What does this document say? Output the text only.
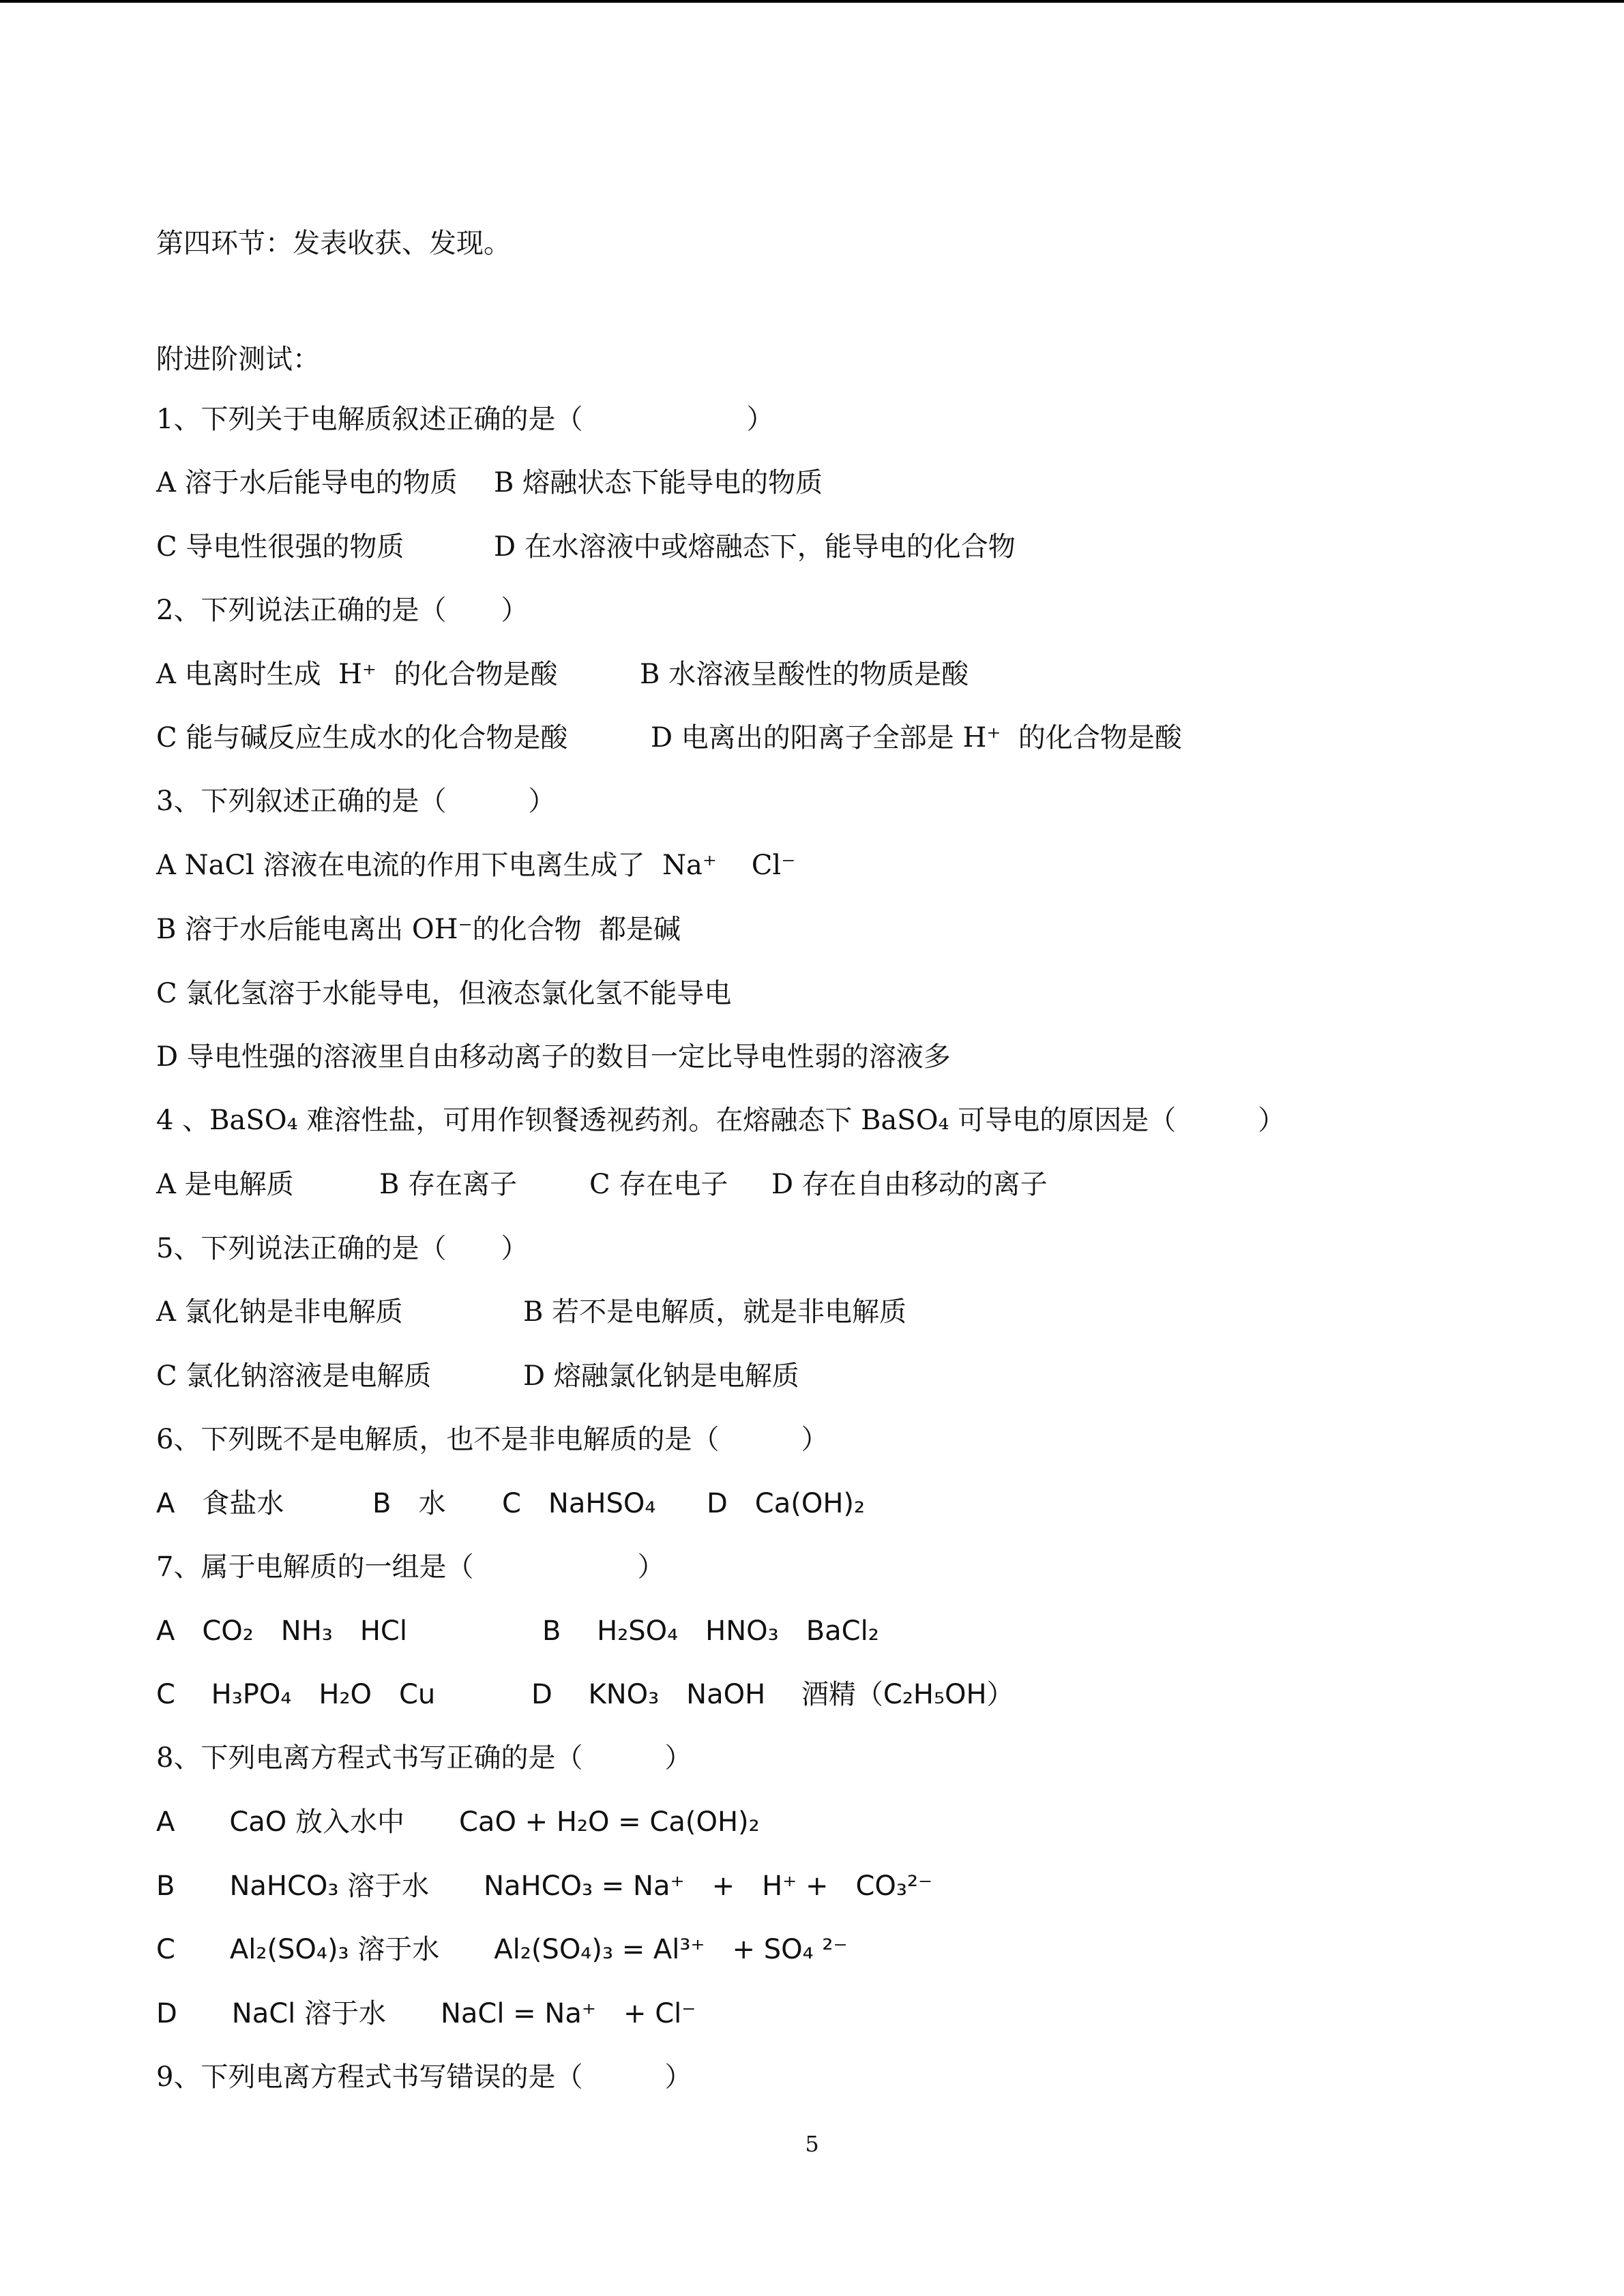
第四环节：发表收获、发现。

附进阶测试：

1、下列关于电解质叙述正确的是（　　　　　　）

A 溶于水后能导电的物质

B 熔融状态下能导电的物质

C 导电性很强的物质

	D 在水溶液中或熔融态下，能导电的化合物

2、下列说法正确的是（　　）

A 电离时生成  H⁺  的化合物是酸

	B 水溶液呈酸性的物质是酸

C 能与碱反应生成水的化合物是酸

	D 电离出的阳离子全部是 H⁺  的化合物是酸

3、下列叙述正确的是（　　　）

A NaCl 溶液在电流的作用下电离生成了  Na⁺    Cl⁻

B 溶于水后能电离出 OH⁻的化合物  都是碱

C 氯化氢溶于水能导电，但液态氯化氢不能导电

D 导电性强的溶液里自由移动离子的数目一定比导电性弱的溶液多

4 、BaSO₄ 难溶性盐，可用作钡餐透视药剂。在熔融态下 BaSO₄ 可导电的原因是（　　　）

A 是电解质

	B 存在离子

	C 存在电子

D 存在自由移动的离子

5、下列说法正确的是（　　）

A 氯化钠是非电解质

	B 若不是电解质，就是非电解质

C 氯化钠溶液是电解质

	D 熔融氯化钠是电解质

6、下列既不是电解质，也不是非电解质的是（　　　）

A　食盐水

	B　水

C　NaHSO₄

D　Ca(OH)₂

7、属于电解质的一组是（　　　　　　）

A　CO₂　NH₃　HCl

	B　 H₂SO₄　HNO₃　BaCl₂

C　 H₃PO₄　H₂O　Cu

	D　 KNO₃　NaOH　 酒精（C₂H₅OH）

8、下列电离方程式书写正确的是（　　　）

A　　CaO 放入水中　　CaO + H₂O = Ca(OH)₂

B　　NaHCO₃ 溶于水　　NaHCO₃ = Na⁺　+　H⁺ +　CO₃²⁻

C　　Al₂(SO₄)₃ 溶于水　　Al₂(SO₄)₃ = Al³⁺　+ SO₄ ²⁻

D　　NaCl 溶于水　　NaCl = Na⁺　+ Cl⁻

9、下列电离方程式书写错误的是（　　　）

5
